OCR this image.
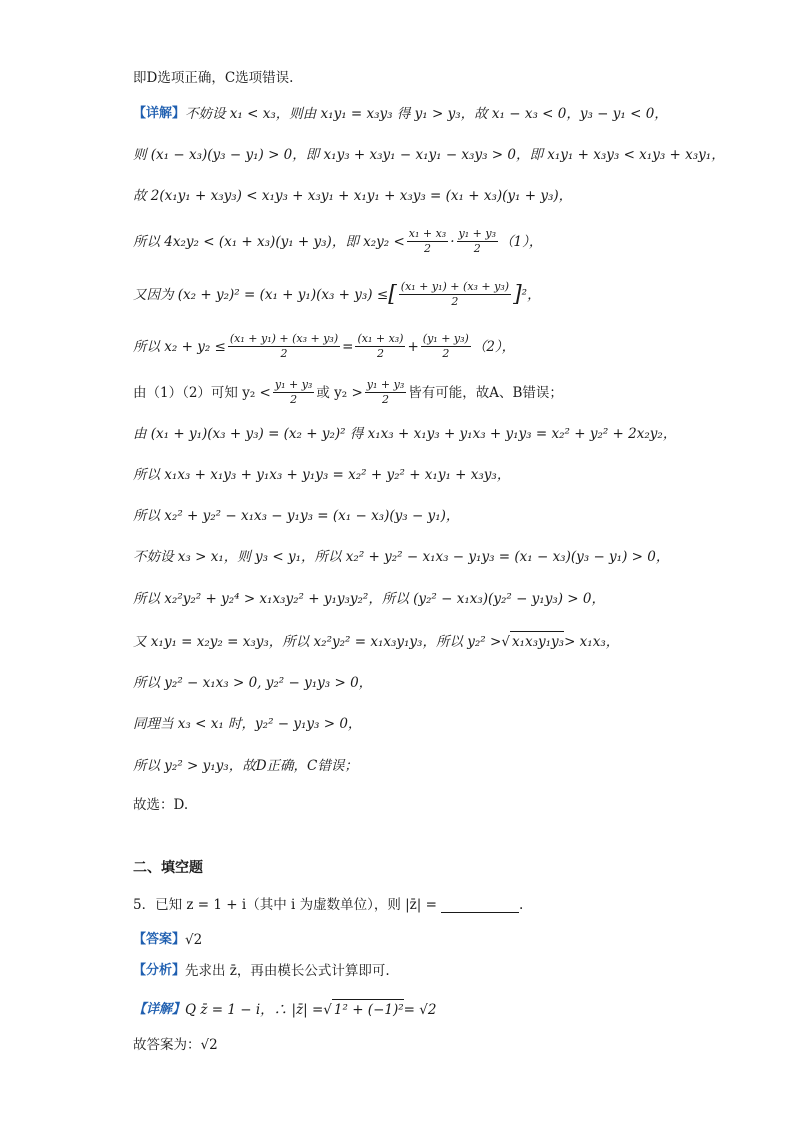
即D选项正确，C选项错误.
【详解】 不妨设 x₁ < x₃，则由 x₁y₁ = x₃y₃ 得 y₁ > y₃，故 x₁ − x₃ < 0，y₃ − y₁ < 0，
则 (x₁ − x₃)(y₃ − y₁) > 0，即 x₁y₃ + x₃y₁ − x₁y₁ − x₃y₃ > 0，即 x₁y₁ + x₃y₃ < x₁y₃ + x₃y₁，
故 2(x₁y₁ + x₃y₃) < x₁y₃ + x₃y₁ + x₁y₁ + x₃y₃ = (x₁ + x₃)(y₁ + y₃)，
所以 4x₂y₂ < (x₁ + x₃)(y₁ + y₃)，即 $x_2y_2 < \frac{\text{x₁ + x₃}}{2} \cdot \frac{\text{y₁ + y₃}}{2} (1)$，
又因为 (x₂ + y₂)² = (x₁ + y₁)(x₃ + y₃) ≤ [ $\frac{\text{(x₁ + y₁) + (x₃ + y₃)}}{2}$ ] ²，
所以 $x_2 + y_2 \le \frac{\text{(x₁ + y₁) + (x₃ + y₃)}}{2} = \frac{\text{(x₁ + x₃)}}{2} + \frac{\text{(y₁ + y₃)}}{2} (2)$，
由（1）（2）可知 $y_2 < \frac{\text{y₁ + y₃}}{2}$ 或 $y_2 > \frac{\text{y₁ + y₃}}{2}$ 皆有可能，故A、B错误；
由 (x₁ + y₁)(x₃ + y₃) = (x₂ + y₂)² 得 x₁x₃ + x₁y₃ + y₁x₃ + y₁y₃ = x₂² + y₂² + 2x₂y₂，
所以 x₁x₃ + x₁y₃ + y₁x₃ + y₁y₃ = x₂² + y₂² + x₁y₁ + x₃y₃，
所以 x₂² + y₂² − x₁x₃ − y₁y₃ = (x₁ − x₃)(y₃ − y₁)，
不妨设 x₃ > x₁，则 y₃ < y₁，所以 x₂² + y₂² − x₁x₃ − y₁y₃ = (x₁ − x₃)(y₃ − y₁) > 0，
所以 x₂²y₂² + y₂⁴ > x₁x₃y₂² + y₁y₃y₂²，所以 (y₂² − x₁x₃)(y₂² − y₁y₃) > 0，
又 x₁y₁ = x₂y₂ = x₃y₃，所以 x₂²y₂² = x₁x₃y₁y₃，所以 y₂² > √ x₁x₃y₁y₃ > x₁x₃，
所以 y₂² − x₁x₃ > 0, y₂² − y₁y₃ > 0，
同理当 x₃ < x₁ 时，y₂² − y₁y₃ > 0，
所以 y₂² > y₁y₃，故D正确，C错误；
故选：D.
二、填空题
5．已知 z = 1 + i（其中 i 为虚数单位），则 |z̄| =	.
【答案】 √2
【分析】 先求出 z̄，再由模长公式计算即可.
【详解】 Q z̄ = 1 − i，∴ |z̄| = √ 1² + (−1)² = √2
故答案为：√2
